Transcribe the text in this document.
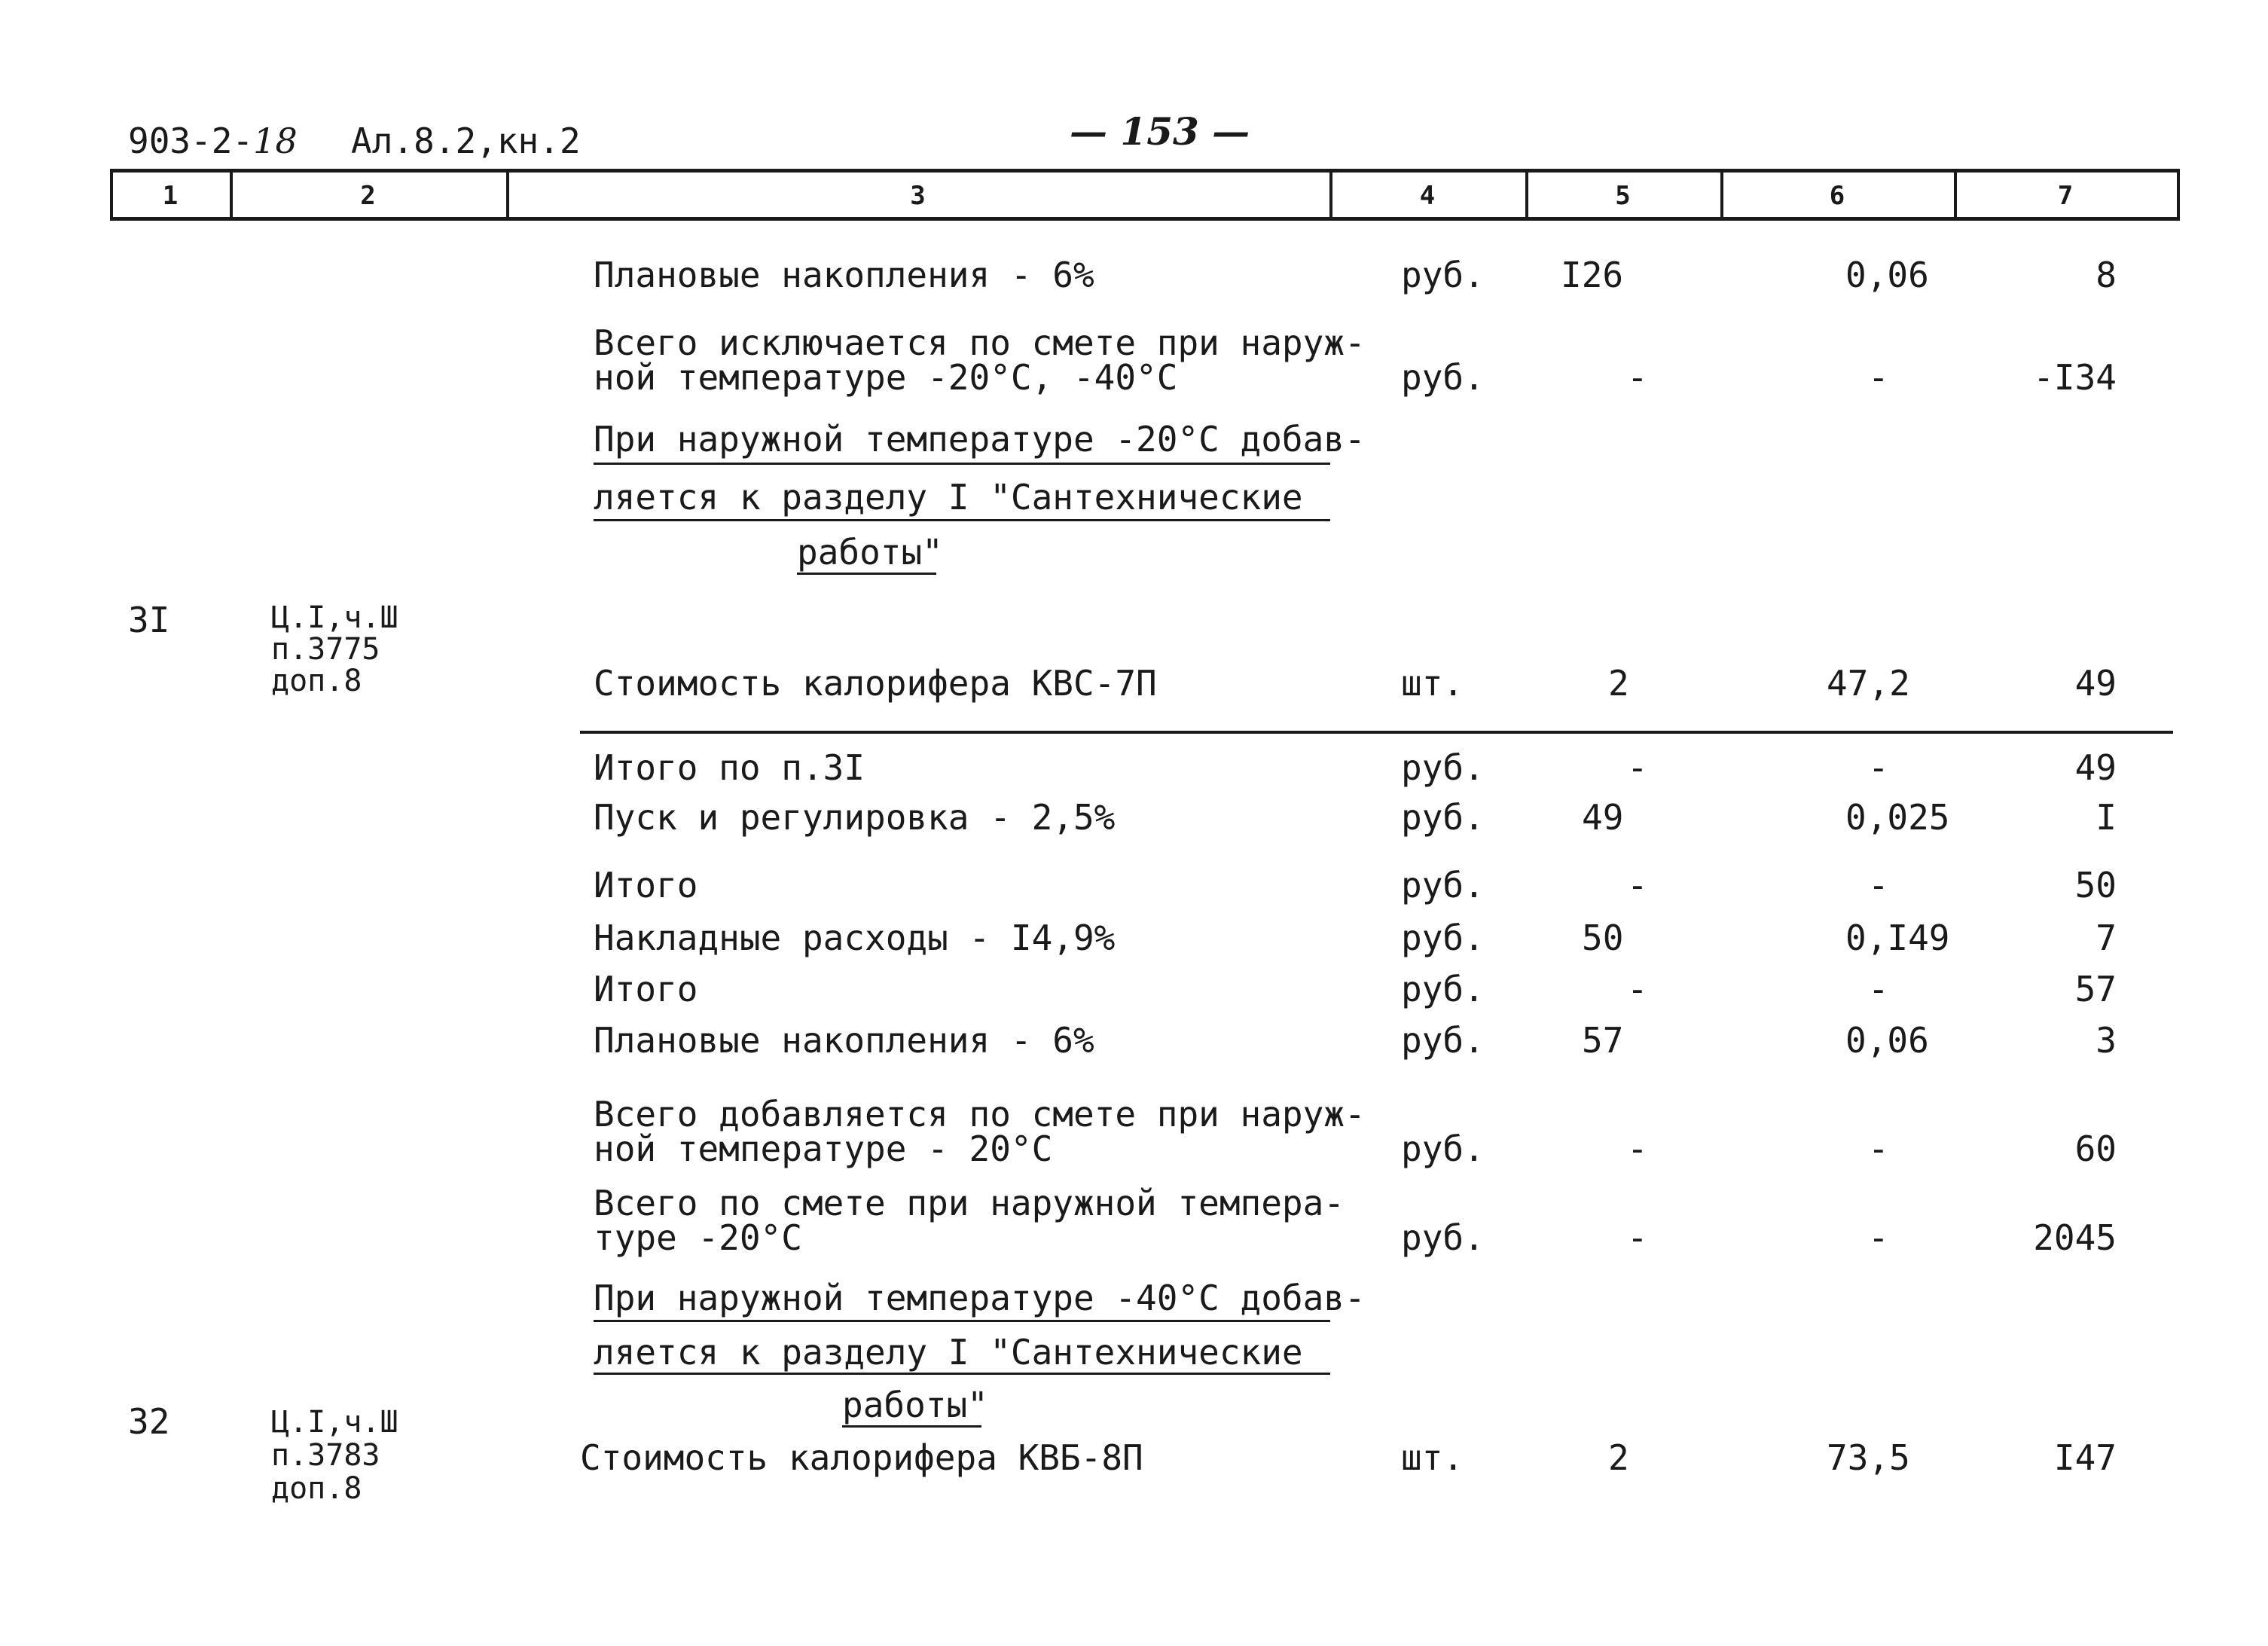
903-2-18 Ал.8.2,кн.2	— 153 —
1	2	3	4	5	6	7
Плановые накопления - 6%	руб. I26	0,06	8
Всего исключается по смете при наруж-
ной температуре -20°С, -40°С	руб.	-	-	-I34
При наружной температуре -20°С добав-
ляется к разделу I "Сантехнические
работы"
3I	Ц.I,ч.Ш
п.3775
доп.8	Стоимость калорифера КВС-7П	шт.	2	47,2	49
Итого по п.3I	руб.	-	-	49
Пуск и регулировка - 2,5%	руб.	49	0,025	I
Итого	руб.	-	-	50
Накладные расходы - I4,9%	руб.	50	0,I49	7
Итого	руб.	-	-	57
Плановые накопления - 6%	руб.	57	0,06	3
Всего добавляется по смете при наруж-
ной температуре - 20°С	руб.	-	-	60
Всего по смете при наружной темпера-
туре -20°С	руб.	-	-	2045
При наружной температуре -40°С добав-
ляется к разделу I "Сантехнические
работы"
32	Ц.I,ч.Ш
п.3783
доп.8
Стоимость калорифера КВБ-8П	шт.	2	73,5	I47
